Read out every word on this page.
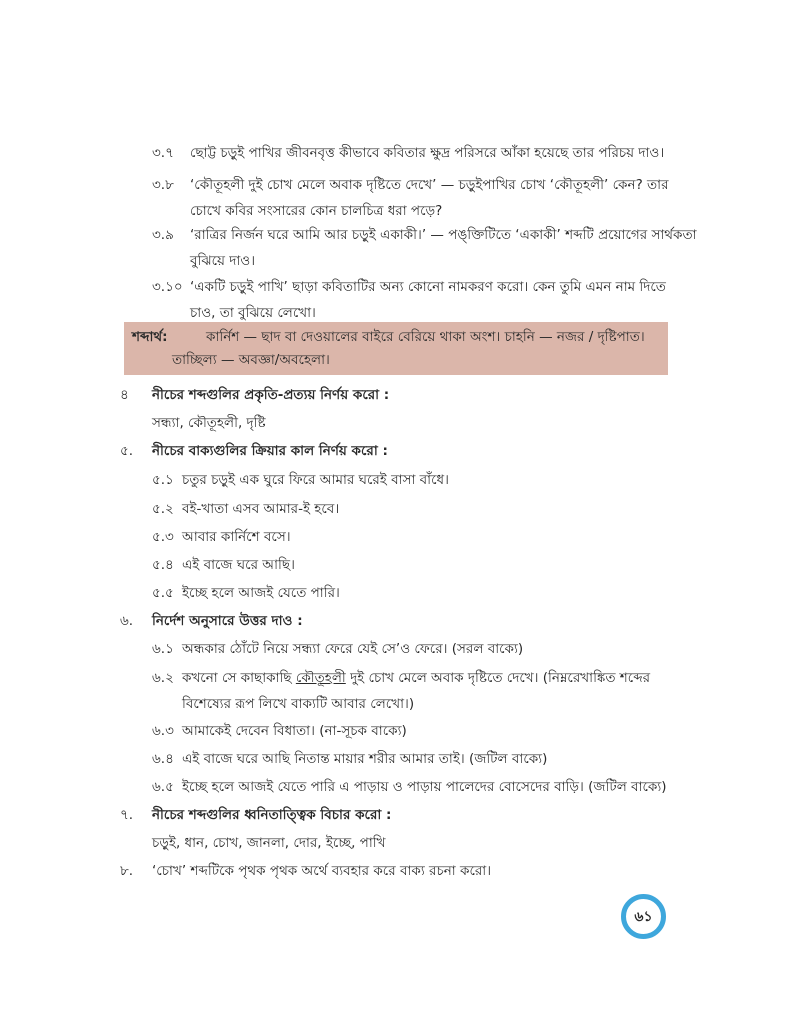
৩.৭ ছোট্ট চড়ুই পাখির জীবনবৃত্ত কীভাবে কবিতার ক্ষুদ্র পরিসরে আঁকা হয়েছে তার পরিচয় দাও।
৩.৮ ‘কৌতূহলী দুই চোখ মেলে অবাক দৃষ্টিতে দেখে’ — চড়ুইপাখির চোখ ‘কৌতূহলী’ কেন? তার
চোখে কবির সংসারের কোন চালচিত্র ধরা পড়ে?
৩.৯ ‘রাত্রির নির্জন ঘরে আমি আর চড়ুই একাকী।’ — পঙ্‌ক্তিটিতে ‘একাকী’ শব্দটি প্রয়োগের সার্থকতা
বুঝিয়ে দাও।
৩.১০ ‘একটি চড়ুই পাখি’ ছাড়া কবিতাটির অন্য কোনো নামকরণ করো। কেন তুমি এমন নাম দিতে
চাও, তা বুঝিয়ে লেখো।
শব্দার্থ:	কার্নিশ — ছাদ বা দেওয়ালের বাইরে বেরিয়ে থাকা অংশ। চাহনি — নজর / দৃষ্টিপাত।
তাচ্ছিল্য — অবজ্ঞা/অবহেলা।
৪ নীচের শব্দগুলির প্রকৃতি-প্রত্যয় নির্ণয় করো :
সন্ধ্যা, কৌতূহলী, দৃষ্টি
৫. নীচের বাক্যগুলির ক্রিয়ার কাল নির্ণয় করো :
৫.১ চতুর চড়ুই এক ঘুরে ফিরে আমার ঘরেই বাসা বাঁধে।
৫.২ বই-খাতা এসব আমার-ই হবে।
৫.৩ আবার কার্নিশে বসে।
৫.৪ এই বাজে ঘরে আছি।
৫.৫ ইচ্ছে হলে আজই যেতে পারি।
৬. নির্দেশ অনুসারে উত্তর দাও :
৬.১ অন্ধকার ঠোঁটে নিয়ে সন্ধ্যা ফেরে যেই সে’ও ফেরে। (সরল বাক্যে)
৬.২ কখনো সে কাছাকাছি কৌতূহলী দুই চোখ মেলে অবাক দৃষ্টিতে দেখে। (নিম্নরেখাঙ্কিত শব্দের
বিশেষ্যের রূপ লিখে বাক্যটি আবার লেখো।)
৬.৩ আমাকেই দেবেন বিধাতা। (না-সূচক বাক্যে)
৬.৪ এই বাজে ঘরে আছি নিতান্ত মায়ার শরীর আমার তাই। (জটিল বাক্যে)
৬.৫ ইচ্ছে হলে আজই যেতে পারি এ পাড়ায় ও পাড়ায় পালেদের বোসেদের বাড়ি। (জটিল বাক্যে)
৭. নীচের শব্দগুলির ধ্বনিতাত্ত্বিক বিচার করো :
চড়ুই, ধান, চোখ, জানলা, দোর, ইচ্ছে, পাখি
৮. ‘চোখ’ শব্দটিকে পৃথক পৃথক অর্থে ব্যবহার করে বাক্য রচনা করো।
৬১
